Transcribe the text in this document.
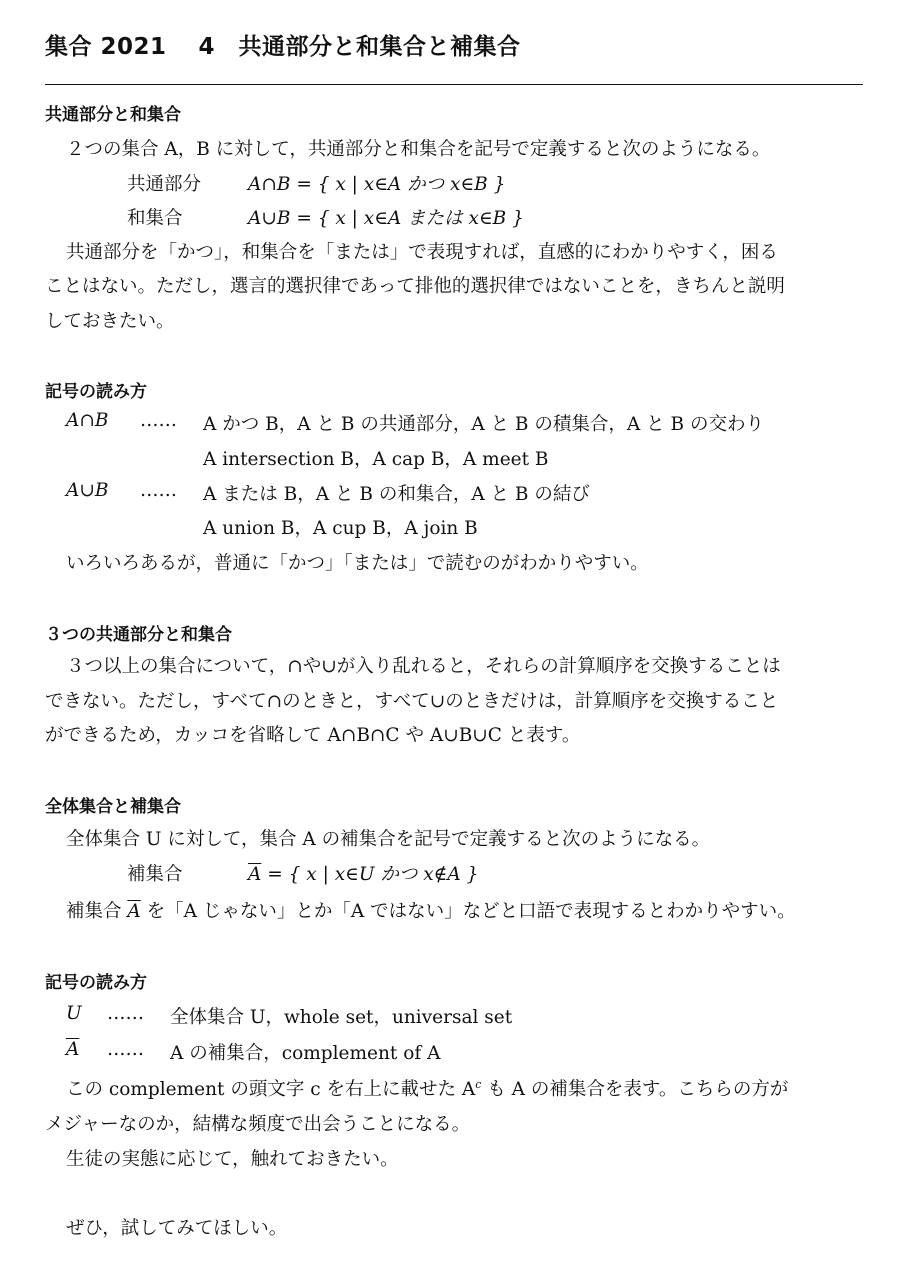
集合 2021　 4　共通部分と和集合と補集合
共通部分と和集合
２つの集合 A，B に対して，共通部分と和集合を記号で定義すると次のようになる。
共通部分	A∩B = { x | x∈A かつ x∈B }
和集合	A∪B = { x | x∈A または x∈B }
共通部分を「かつ」，和集合を「または」で表現すれば，直感的にわかりやすく，困る
ことはない。ただし，選言的選択律であって排他的選択律ではないことを，きちんと説明
しておきたい。
記号の読み方
A∩B …… A かつ B，A と B の共通部分，A と B の積集合，A と B の交わり
A intersection B，A cap B，A meet B
A∪B …… A または B，A と B の和集合，A と B の結び
A union B，A cup B，A join B
いろいろあるが，普通に「かつ」「または」で読むのがわかりやすい。
３つの共通部分と和集合
３つ以上の集合について，∩や∪が入り乱れると，それらの計算順序を交換することは
できない。ただし，すべて∩のときと，すべて∪のときだけは，計算順序を交換すること
ができるため，カッコを省略して A∩B∩C や A∪B∪C と表す。
全体集合と補集合
全体集合 U に対して，集合 A の補集合を記号で定義すると次のようになる。
補集合	$\overline{A}$ = { x | x∈U かつ x∉A }
補集合 $\overline{A}$ を「A じゃない」とか「A ではない」などと口語で表現するとわかりやすい。
記号の読み方
U …… 全体集合 U，whole set，universal set
$\overline{A}$ …… A の補集合，complement of A
この complement の頭文字 c を右上に載せた $A^c$ も A の補集合を表す。こちらの方が
メジャーなのか，結構な頻度で出会うことになる。
生徒の実態に応じて，触れておきたい。
ぜひ，試してみてほしい。
